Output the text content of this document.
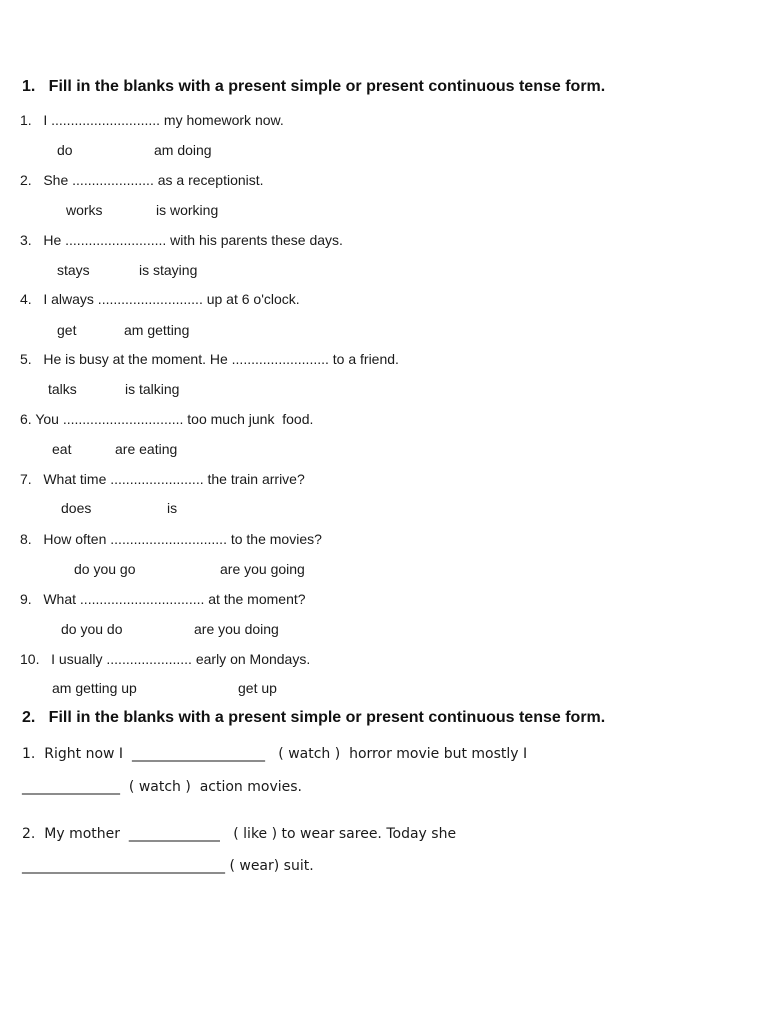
1.   Fill in the blanks with a present simple or present continuous tense form.
1.   I ............................ my homework now.
do	am doing
2.   She ..................... as a receptionist.
works	is working
3.   He .......................... with his parents these days.
stays	is staying
4.   I always ........................... up at 6 o'clock.
get	am getting
5.   He is busy at the moment. He ......................... to a friend.
talks	is talking
6. You ............................... too much junk  food.
eat	are eating
7.   What time ........................ the train arrive?
does	is
8.   How often .............................. to the movies?
do you go	are you going
9.   What ................................ at the moment?
do you do	are you doing
10.   I usually ...................... early on Mondays.
am getting up	get up
2.   Fill in the blanks with a present simple or present continuous tense form.
1.  Right now I  ___________________   ( watch )  horror movie but mostly I
______________  ( watch )  action movies.
2.  My mother  _____________   ( like ) to wear saree. Today she
_____________________________ ( wear) suit.
